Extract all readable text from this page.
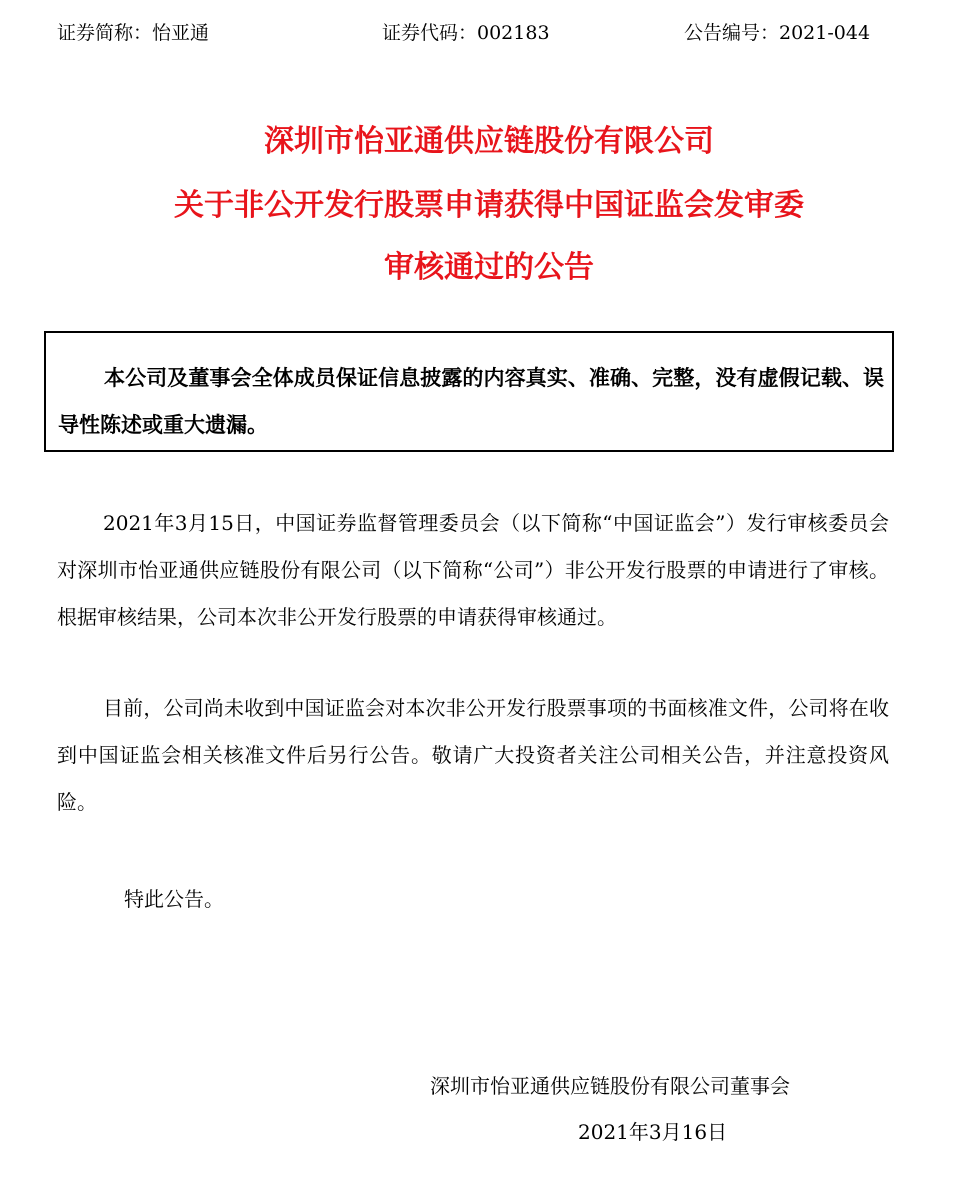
证券简称：怡亚通	证券代码：002183	公告编号：2021-044
深圳市怡亚通供应链股份有限公司
关于非公开发行股票申请获得中国证监会发审委
审核通过的公告
本公司及董事会全体成员保证信息披露的内容真实、准确、完整，没有虚假记载、误导性陈述或重大遗漏。
2021年3月15日，中国证券监督管理委员会（以下简称“中国证监会”）发行审核委员会对深圳市怡亚通供应链股份有限公司（以下简称“公司”）非公开发行股票的申请进行了审核。根据审核结果，公司本次非公开发行股票的申请获得审核通过。
目前，公司尚未收到中国证监会对本次非公开发行股票事项的书面核准文件，公司将在收到中国证监会相关核准文件后另行公告。敬请广大投资者关注公司相关公告，并注意投资风险。
特此公告。
深圳市怡亚通供应链股份有限公司董事会
2021年3月16日
